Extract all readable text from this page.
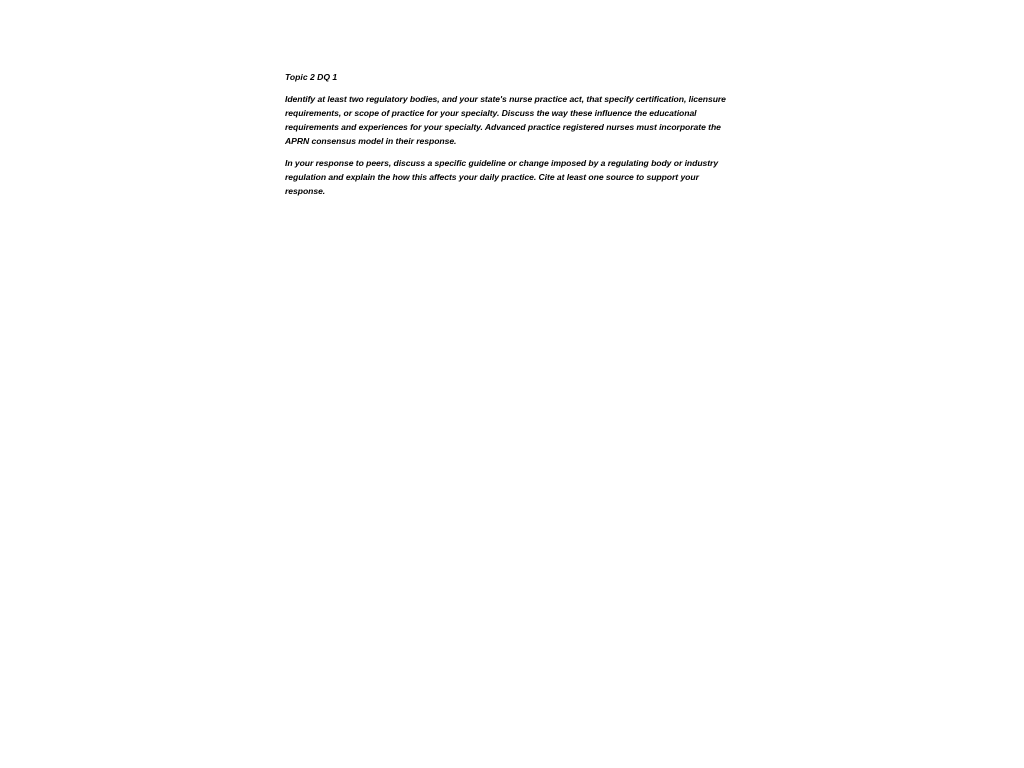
Topic 2 DQ 1

Identify at least two regulatory bodies, and your state's nurse practice act, that specify certification, licensure requirements, or scope of practice for your specialty. Discuss the way these influence the educational requirements and experiences for your specialty. Advanced practice registered nurses must incorporate the APRN consensus model in their response.

In your response to peers, discuss a specific guideline or change imposed by a regulating body or industry regulation and explain the how this affects your daily practice. Cite at least one source to support your response.
